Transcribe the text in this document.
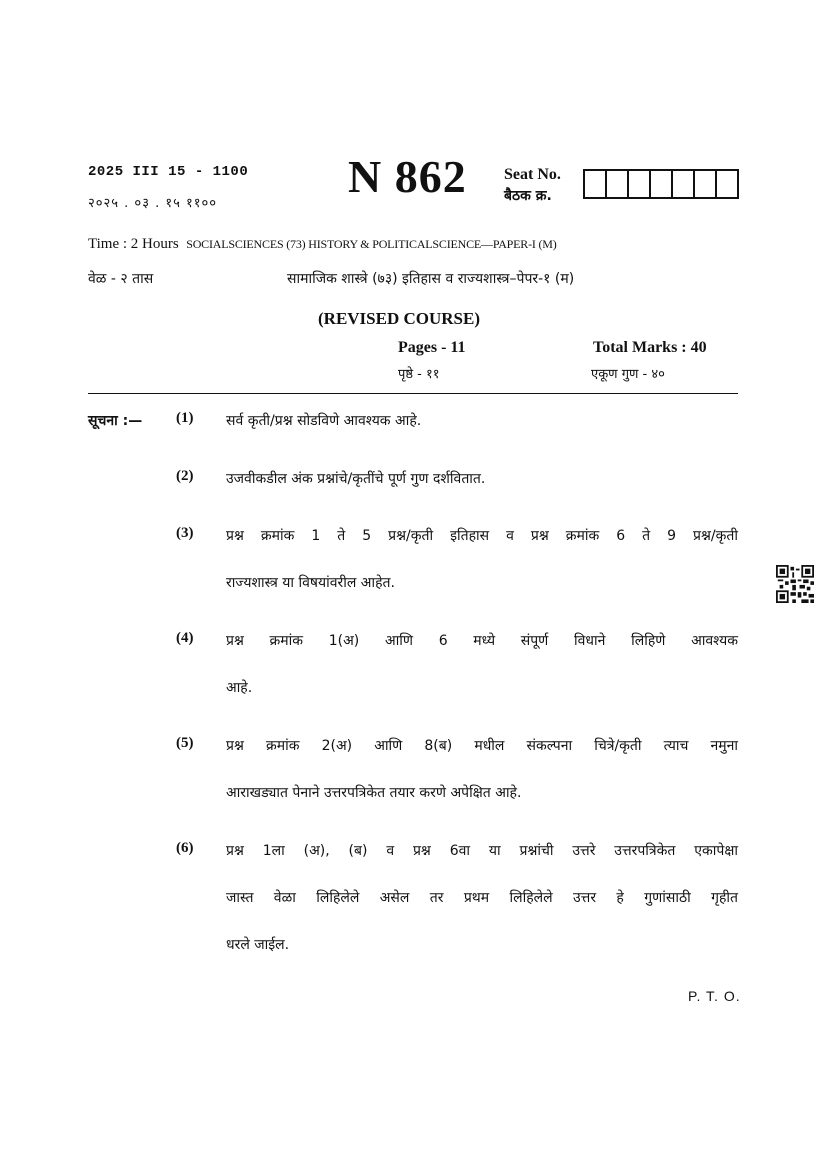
2025 III 15 - 1100
२०२५ . ०३ . १५ ११००
N 862 Seat No.
बैठक क्र.
Time : 2 Hours SOCIALSCIENCES (73) HISTORY & POLITICALSCIENCE—PAPER-I (M)
वेळ - २ तास	सामाजिक शास्त्रे (७३) इतिहास व राज्यशास्त्र–पेपर-१ (म)
(REVISED COURSE)
Pages - 11
पृष्ठे - ११
Total Marks : 40
एकूण गुण - ४०
सूचना :— (1) सर्व कृती/प्रश्न सोडविणे आवश्यक आहे.
(2) उजवीकडील अंक प्रश्नांचे/कृतींचे पूर्ण गुण दर्शवितात.
(3) प्रश्न क्रमांक 1 ते 5 प्रश्न/कृती इतिहास व प्रश्न क्रमांक 6 ते 9 प्रश्न/कृती
राज्यशास्त्र या विषयांवरील आहेत.
(4) प्रश्न क्रमांक 1(अ) आणि 6 मध्ये संपूर्ण विधाने लिहिणे आवश्यक
आहे.
(5) प्रश्न क्रमांक 2(अ) आणि 8(ब) मधील संकल्पना चित्रे/कृती त्याच नमुना
आराखड्यात पेनाने उत्तरपत्रिकेत तयार करणे अपेक्षित आहे.
(6) प्रश्न 1ला (अ), (ब) व प्रश्न 6वा या प्रश्नांची उत्तरे उत्तरपत्रिकेत एकापेक्षा
जास्त वेळा लिहिलेले असेल तर प्रथम लिहिलेले उत्तर हे गुणांसाठी गृहीत
धरले जाईल.
P. T. O.
